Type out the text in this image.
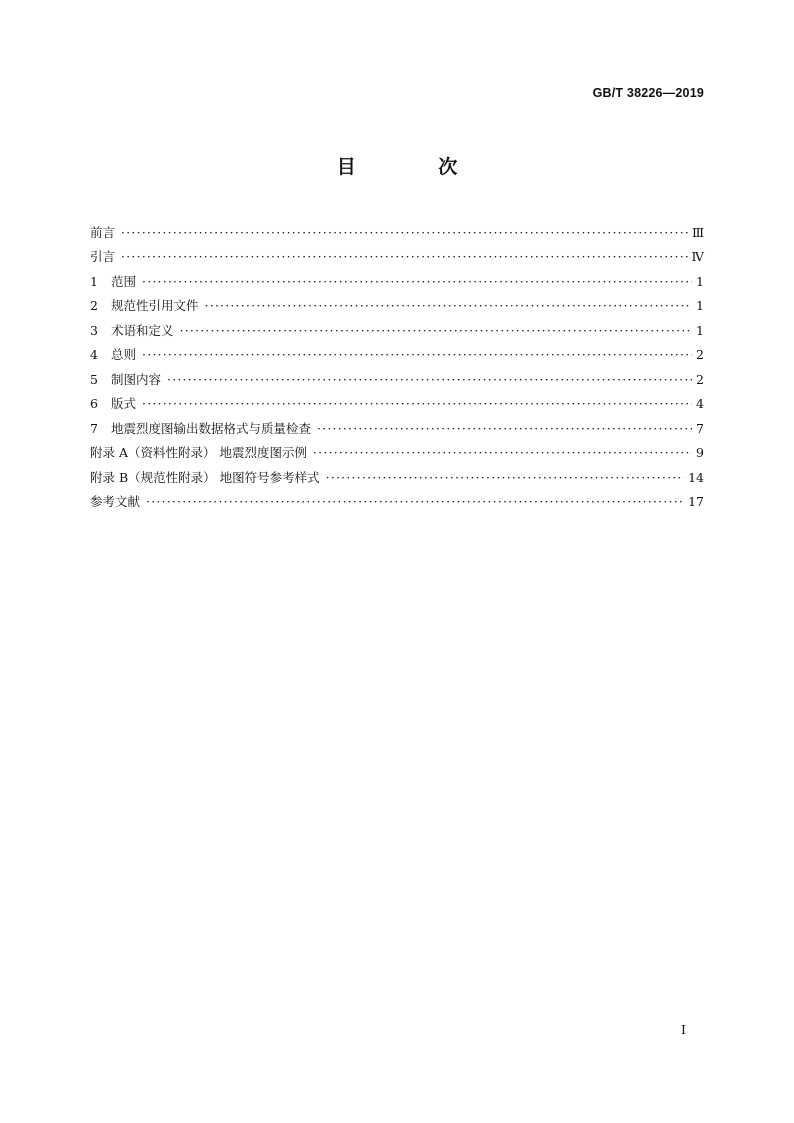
GB/T 38226—2019
目 次
前言 ·····	Ⅲ
引言 ·····	Ⅳ
1	范围 ·····	1
2	规范性引用文件 ·····	1
3	术语和定义 ·····	1
4	总则 ·····	2
5	制图内容 ·····	2
6	版式 ·····	4
7	地震烈度图输出数据格式与质量检查 ·····	7
附录 A（资料性附录） 地震烈度图示例 ·····	9
附录 B（规范性附录） 地图符号参考样式 ·····	14
参考文献 ·····	17
Ⅰ
